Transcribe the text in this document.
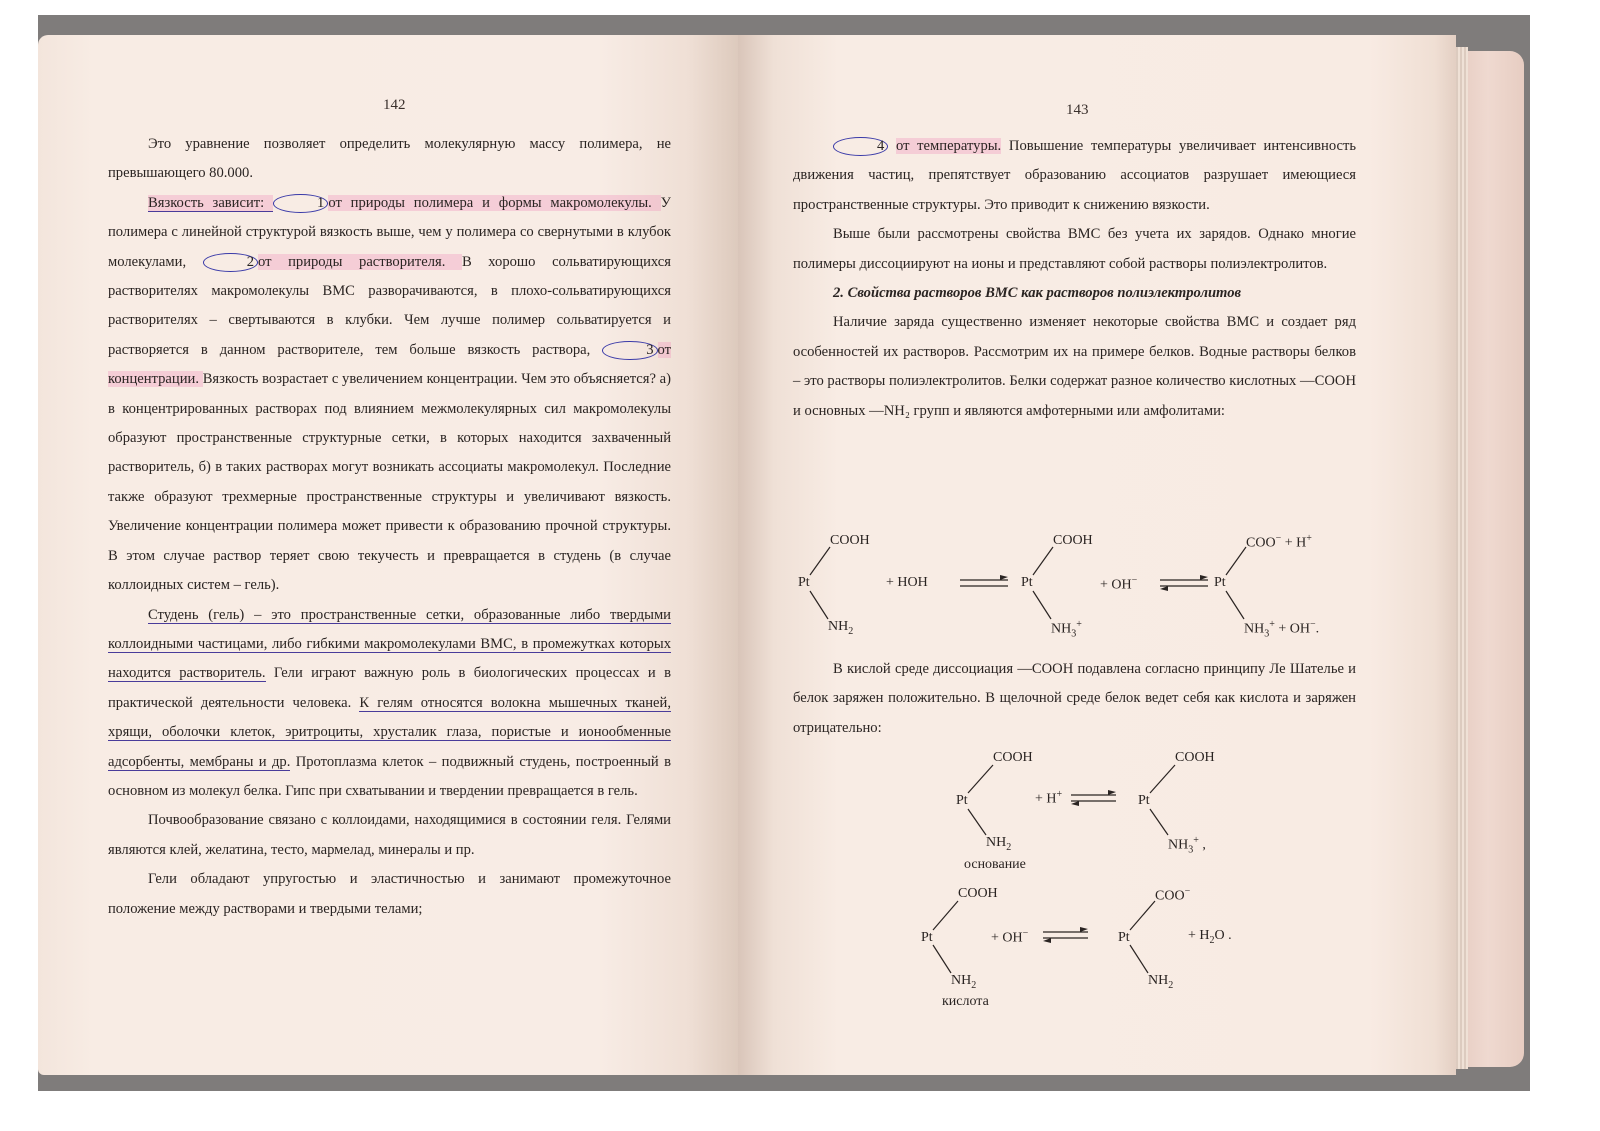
142

Это уравнение позволяет определить молекулярную массу полимера, не превышающего 80.000.

Вязкость зависит:	1 от природы полимера и формы макромолекулы. У полимера с линейной структурой вязкость выше, чем у полимера со свернутыми в клубок молекулами,	2 от природы растворителя. В хорошо сольватирующихся растворителях макромолекулы ВМС разворачиваются, в плохо-сольватирующихся растворителях – свертываются в клубки. Чем лучше полимер сольватируется и растворяется в данном растворителе, тем больше вязкость раствора,	3 от концентрации. Вязкость возрастает с увеличением концентрации. Чем это объясняется? а) в концентрированных растворах под влиянием межмолекулярных сил макромолекулы образуют пространственные структурные сетки, в которых находится захваченный растворитель, б) в таких растворах могут возникать ассоциаты макромолекул. Последние также образуют трехмерные пространственные структуры и увеличивают вязкость. Увеличение концентрации полимера может привести к образованию прочной структуры. В этом случае раствор теряет свою текучесть и превращается в студень (в случае коллоидных систем – гель).

Студень (гель) – это пространственные сетки, образованные либо твердыми коллоидными частицами, либо гибкими макромолекулами ВМС, в промежутках которых находится растворитель. Гели играют важную роль в биологических процессах и в практической деятельности человека. К гелям относятся волокна мышечных тканей, хрящи, оболочки клеток, эритроциты, хрусталик глаза, пористые и ионообменные адсорбенты, мембраны и др. Протоплазма клеток – подвижный студень, построенный в основном из молекул белка. Гипс при схватывании и твердении превращается в гель.

Почвообразование связано с коллоидами, находящимися в состоянии геля. Гелями являются клей, желатина, тесто, мармелад, минералы и пр.

Гели обладают упругостью и эластичностью и занимают промежуточное положение между растворами и твердыми телами;

143

4 от температуры. Повышение температуры увеличивает интенсивность движения частиц, препятствует образованию ассоциатов разрушает имеющиеся пространственные структуры. Это приводит к снижению вязкости.

Выше были рассмотрены свойства ВМС без учета их зарядов. Однако многие полимеры диссоциируют на ионы и представляют собой растворы полиэлектролитов.

2. Свойства растворов ВМС как растворов полиэлектролитов

Наличие заряда существенно изменяет некоторые свойства ВМС и создает ряд особенностей их растворов. Рассмотрим их на примере белков. Водные растворы белков – это растворы полиэлектролитов. Белки содержат разное количество кислотных —COOH и основных —NH₂ групп и являются амфотерными или амфолитами:

Pt
COOH
$NH_2$
+ HOH	Pt
COOH
$NH_3^+$
+ OH−	Pt
COO− + H+
$NH_3^+ + OH^-$.

В кислой среде диссоциация —COOH подавлена согласно принципу Ле Шателье и белок заряжен положительно. В щелочной среде белок ведет себя как кислота и заряжен отрицательно:

Pt
COOH
$NH_2$
основание
+ H+	Pt
COOH
$NH_3^+$ ,
Pt
COOH
$NH_2$
кислота
+ OH−	Pt
COO−
$NH_2$
+ $H_2O$ .
